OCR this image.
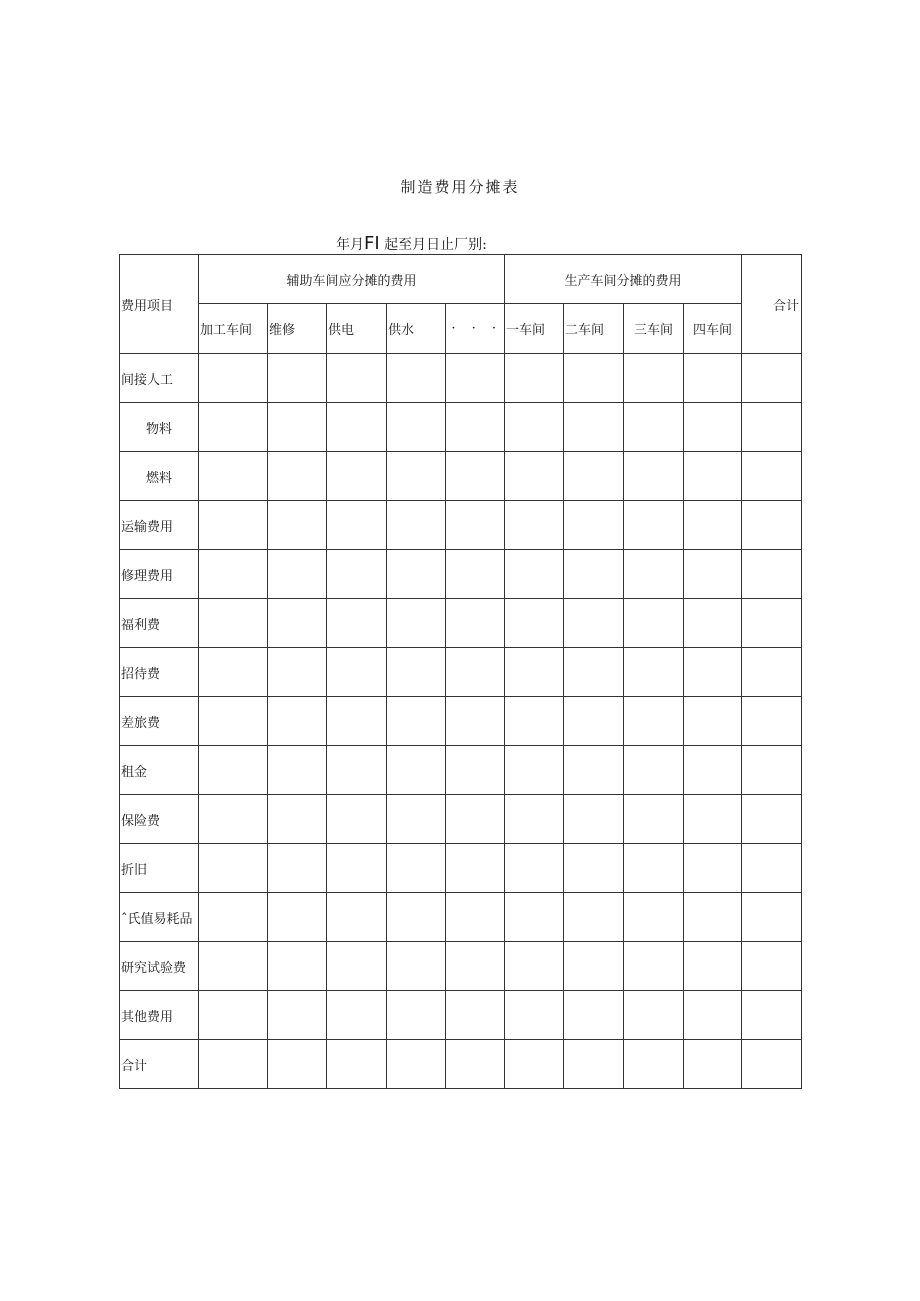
制造费用分摊表
年月FI 起至月日止厂别:
费用项目	辅助车间应分摊的费用					生产车间分摊的费用				合计
	加工车间	维修	供电	供水	· · ·	一车间	二车间	三车间	四车间	
间接人工										
物料										
燃料										
运输费用										
修理费用										
福利费										
招待费										
差旅费										
租金										
保险费										
折旧										
ˆ氏值易耗品										
研究试验费										
其他费用										
合计										
